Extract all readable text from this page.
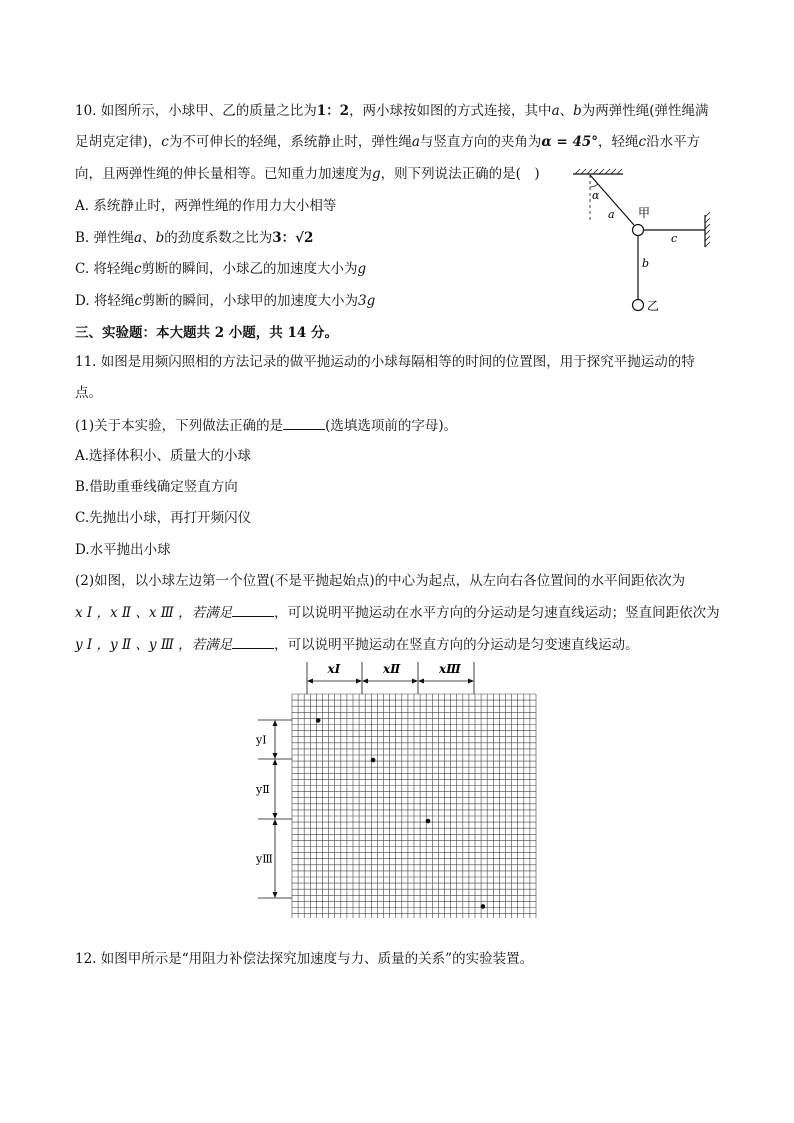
10. 如图所示，小球甲、乙的质量之比为1：2，两小球按如图的方式连接，其中a、b为两弹性绳(弹性绳满
足胡克定律)，c为不可伸长的轻绳，系统静止时，弹性绳a与竖直方向的夹角为α = 45°，轻绳c沿水平方
向，且两弹性绳的伸长量相等。已知重力加速度为g，则下列说法正确的是(　)
A. 系统静止时，两弹性绳的作用力大小相等
B. 弹性绳a、b的劲度系数之比为3：√2
C. 将轻绳c剪断的瞬间，小球乙的加速度大小为g
D. 将轻绳c剪断的瞬间，小球甲的加速度大小为3g
α
a 甲
c
b
乙
三、实验题：本大题共 2 小题，共 14 分。
11. 如图是用频闪照相的方法记录的做平抛运动的小球每隔相等的时间的位置图，用于探究平抛运动的特
点。
(1)关于本实验，下列做法正确的是	(选填选项前的字母)。
A.选择体积小、质量大的小球
B.借助重垂线确定竖直方向
C.先抛出小球，再打开频闪仪
D.水平抛出小球
(2)如图，以小球左边第一个位置(不是平抛起始点)的中心为起点，从左向右各位置间的水平间距依次为
x Ⅰ ，x Ⅱ 、x Ⅲ ，若满足	，可以说明平抛运动在水平方向的分运动是匀速直线运动；竖直间距依次为
y Ⅰ ，y Ⅱ 、y Ⅲ ，若满足	，可以说明平抛运动在竖直方向的分运动是匀变速直线运动。
xⅠ	xⅡ	xⅢ
yⅠ
yⅡ
yⅢ
12. 如图甲所示是“用阻力补偿法探究加速度与力、质量的关系”的实验装置。
